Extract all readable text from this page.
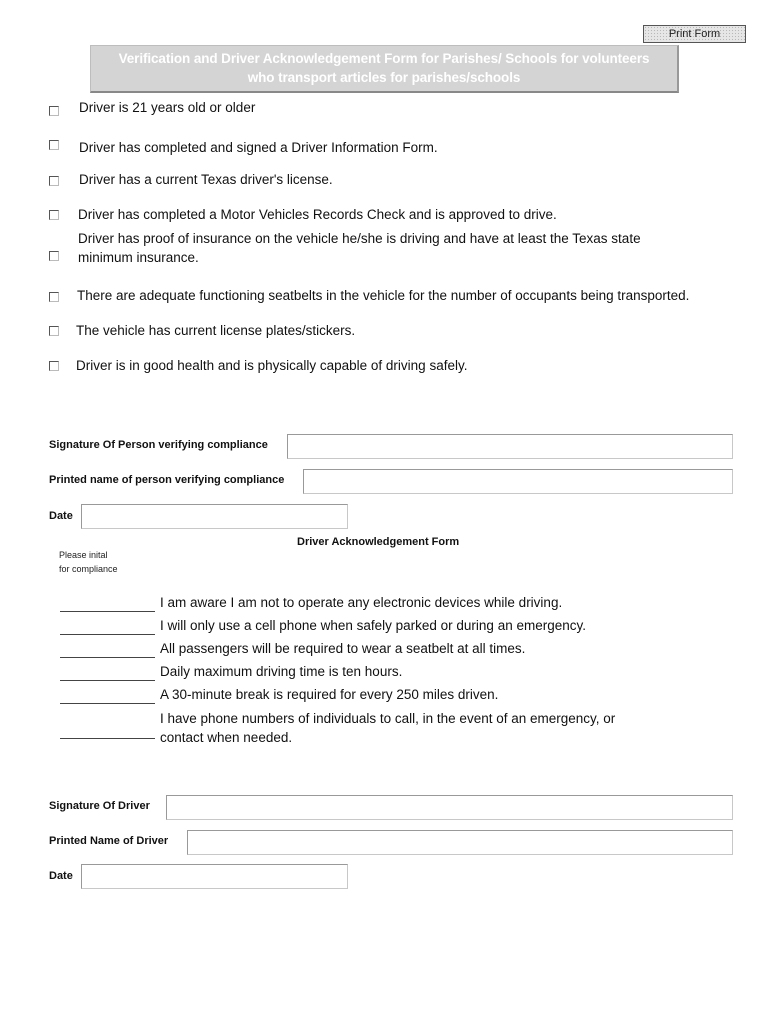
Print Form
Verification and Driver Acknowledgement Form for Parishes/ Schools for volunteers
who transport articles for parishes/schools
Driver is 21 years old or older
Driver has completed and signed a Driver Information Form.
Driver has a current Texas driver's license.
Driver has completed a Motor Vehicles Records Check and is approved to drive.
Driver has proof of insurance on the vehicle he/she is driving and have at least the Texas state
minimum insurance.
There are adequate functioning seatbelts in the vehicle for the number of occupants being transported.
The vehicle has current license plates/stickers.
Driver is in good health and is physically capable of driving safely.
Signature Of Person verifying compliance
Printed name of person verifying compliance
Date
Driver Acknowledgement Form
Please inital
for compliance
I am aware I am not to operate any electronic devices while driving.
I will only use a cell phone when safely parked or during an emergency.
All passengers will be required to wear a seatbelt at all times.
Daily maximum driving time is ten hours.
A 30-minute break is required for every 250 miles driven.
I have phone numbers of individuals to call, in the event of an emergency, or
contact when needed.
Signature Of Driver
Printed Name of Driver
Date
